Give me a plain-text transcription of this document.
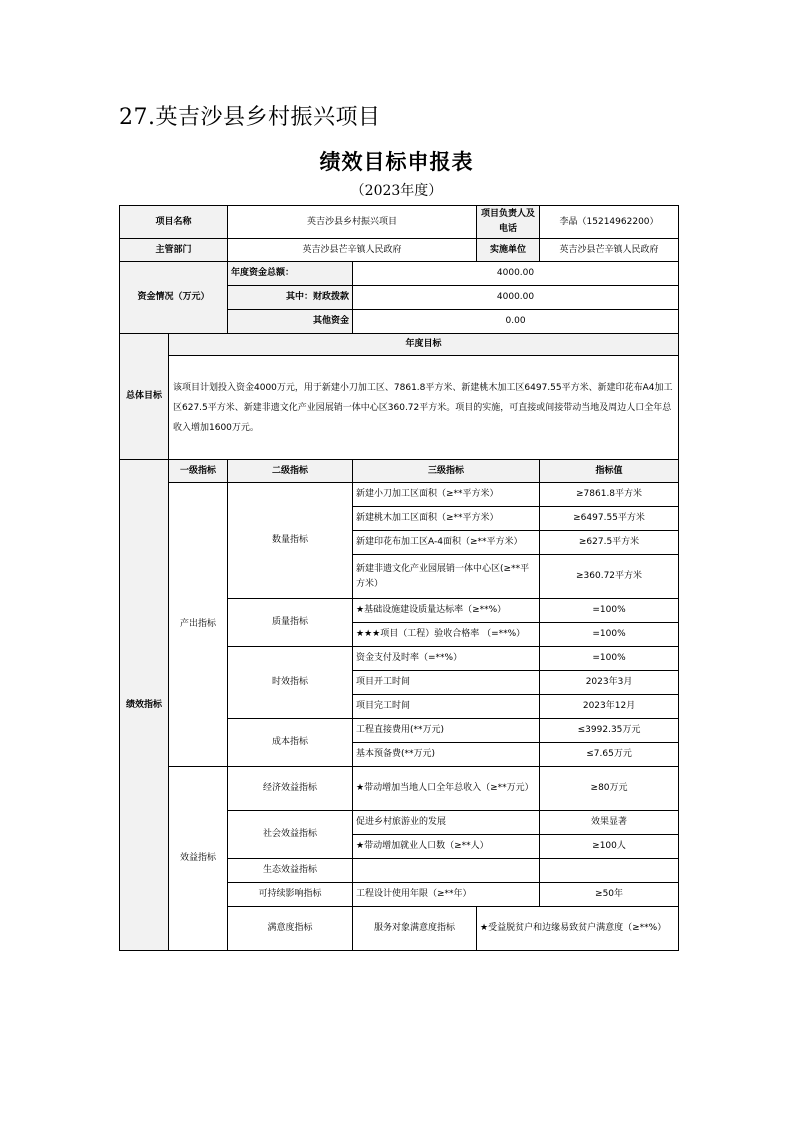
27.英吉沙县乡村振兴项目
绩效目标申报表
（2023年度）
项目名称		英吉沙县乡村振兴项目		项目负责人及电话	李晶（15214962200）	
主管部门		英吉沙县芒辛镇人民政府		实施单位	英吉沙县芒辛镇人民政府	
资金情况（万元）		年度资金总额：	4000.00			
		其中：财政拨款	4000.00			
		其他资金	0.00			
总体目标	年度目标					
	该项目计划投入资金4000万元，用于新建小刀加工区、7861.8平方米、新建桃木加工区6497.55平方米、新建印花布A4加工区627.5平方米、新建非遗文化产业园展销一体中心区360.72平方米。项目的实施，可直接或间接带动当地及周边人口全年总收入增加1600万元。					
绩效指标	一级指标	二级指标	三级指标		指标值	
	产出指标	数量指标	新建小刀加工区面积（≥**平方米）		≥7861.8平方米	
			新建桃木加工区面积（≥**平方米）		≥6497.55平方米	
			新建印花布加工区A-4面积（≥**平方米）		≥627.5平方米	
			新建非遗文化产业园展销一体中心区(≥**平方米）		≥360.72平方米	
		质量指标	★基础设施建设质量达标率（≥**%）		=100%	
			★★★项目（工程）验收合格率 （=**%）		=100%	
		时效指标	资金支付及时率（=**%）		=100%	
			项目开工时间		2023年3月	
			项目完工时间		2023年12月	
		成本指标	工程直接费用(**万元)		≤3992.35万元	
			基本预备费(**万元)		≤7.65万元	
	效益指标	经济效益指标	★带动增加当地人口全年总收入（≥**万元）		≥80万元	
		社会效益指标	促进乡村旅游业的发展		效果显著	
			★带动增加就业人口数（≥**人）		≥100人	
		生态效益指标				
		可持续影响指标	工程设计使用年限（≥**年）		≥50年	
		满意度指标	服务对象满意度指标	★受益脱贫户和边缘易致贫户满意度（≥**%）	
